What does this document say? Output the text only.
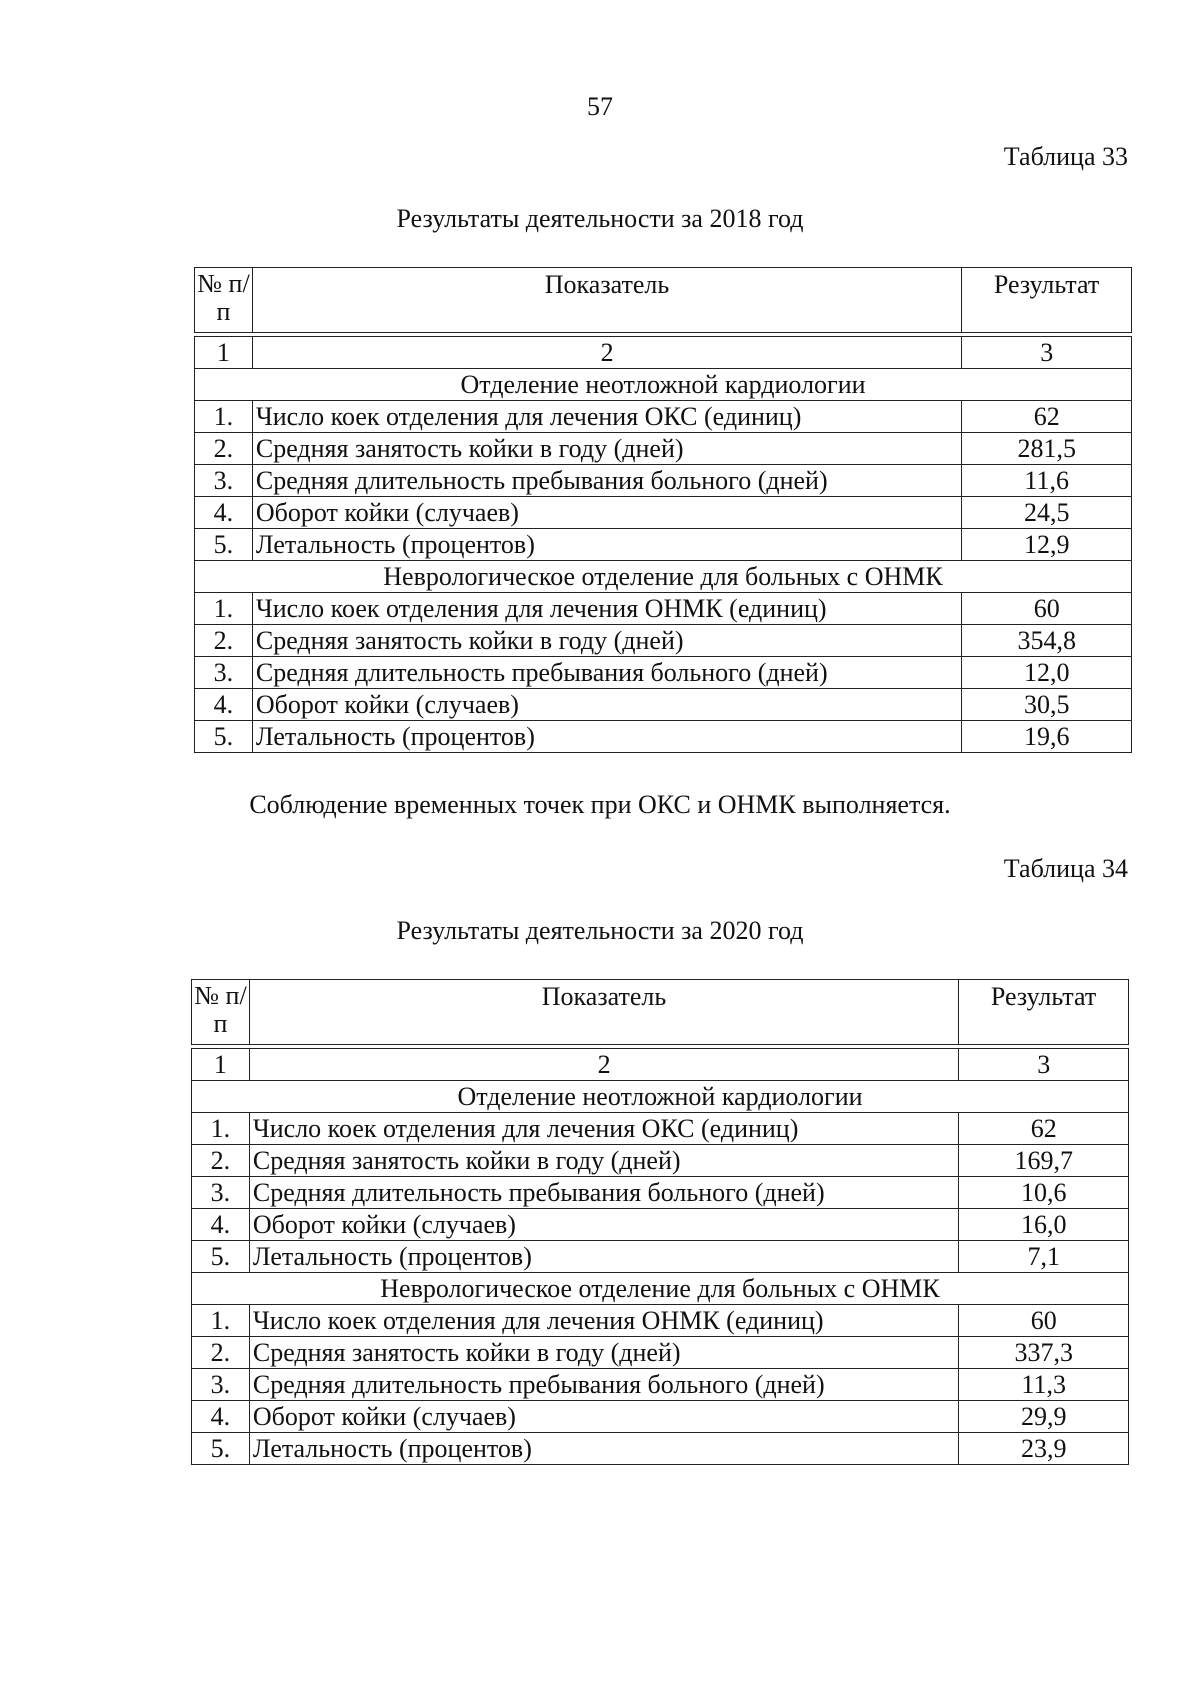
57
Таблица 33
Результаты деятельности за 2018 год
№ п/п	Показатель	Результат
1	2	3
Отделение неотложной кардиологии		
1.	Число коек отделения для лечения ОКС (единиц)	62
2.	Средняя занятость койки в году (дней)	281,5
3.	Средняя длительность пребывания больного (дней)	11,6
4.	Оборот койки (случаев)	24,5
5.	Летальность (процентов)	12,9
Неврологическое отделение для больных с ОНМК		
1.	Число коек отделения для лечения ОНМК (единиц)	60
2.	Средняя занятость койки в году (дней)	354,8
3.	Средняя длительность пребывания больного (дней)	12,0
4.	Оборот койки (случаев)	30,5
5.	Летальность (процентов)	19,6
Соблюдение временных точек при ОКС и ОНМК выполняется.
Таблица 34
Результаты деятельности за 2020 год
№ п/п	Показатель	Результат
1	2	3
Отделение неотложной кардиологии		
1.	Число коек отделения для лечения ОКС (единиц)	62
2.	Средняя занятость койки в году (дней)	169,7
3.	Средняя длительность пребывания больного (дней)	10,6
4.	Оборот койки (случаев)	16,0
5.	Летальность (процентов)	7,1
Неврологическое отделение для больных с ОНМК		
1.	Число коек отделения для лечения ОНМК (единиц)	60
2.	Средняя занятость койки в году (дней)	337,3
3.	Средняя длительность пребывания больного (дней)	11,3
4.	Оборот койки (случаев)	29,9
5.	Летальность (процентов)	23,9
